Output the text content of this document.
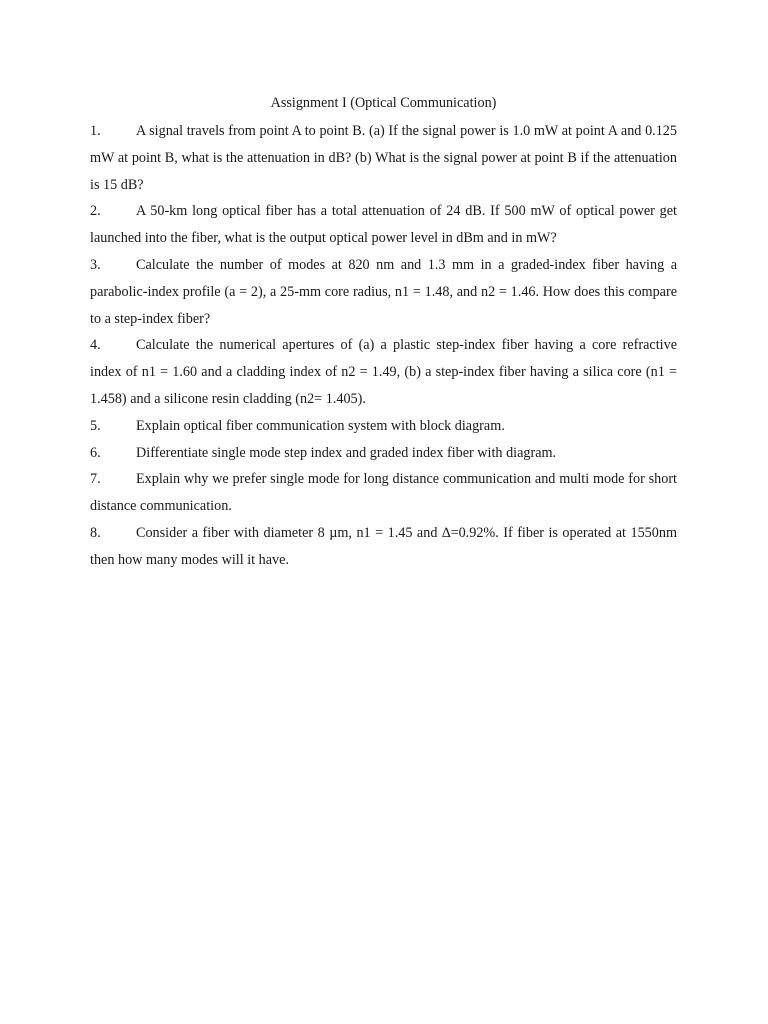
Assignment I (Optical Communication)
1. A signal travels from point A to point B. (a) If the signal power is 1.0 mW at point A and 0.125 mW at point B, what is the attenuation in dB? (b) What is the signal power at point B if the attenuation is 15 dB?
2. A 50-km long optical fiber has a total attenuation of 24 dB. If 500 mW of optical power get launched into the fiber, what is the output optical power level in dBm and in mW?
3. Calculate the number of modes at 820 nm and 1.3 mm in a graded-index fiber having a parabolic-index profile (a = 2), a 25-mm core radius, n1 = 1.48, and n2 = 1.46. How does this compare to a step-index fiber?
4. Calculate the numerical apertures of (a) a plastic step-index fiber having a core refractive index of n1 = 1.60 and a cladding index of n2 = 1.49, (b) a step-index fiber having a silica core (n1 = 1.458) and a silicone resin cladding (n2= 1.405).
5. Explain optical fiber communication system with block diagram.
6. Differentiate single mode step index and graded index fiber with diagram.
7. Explain why we prefer single mode for long distance communication and multi mode for short distance communication.
8. Consider a fiber with diameter 8 µm, n1 = 1.45 and ∆=0.92%. If fiber is operated at 1550nm then how many modes will it have.
